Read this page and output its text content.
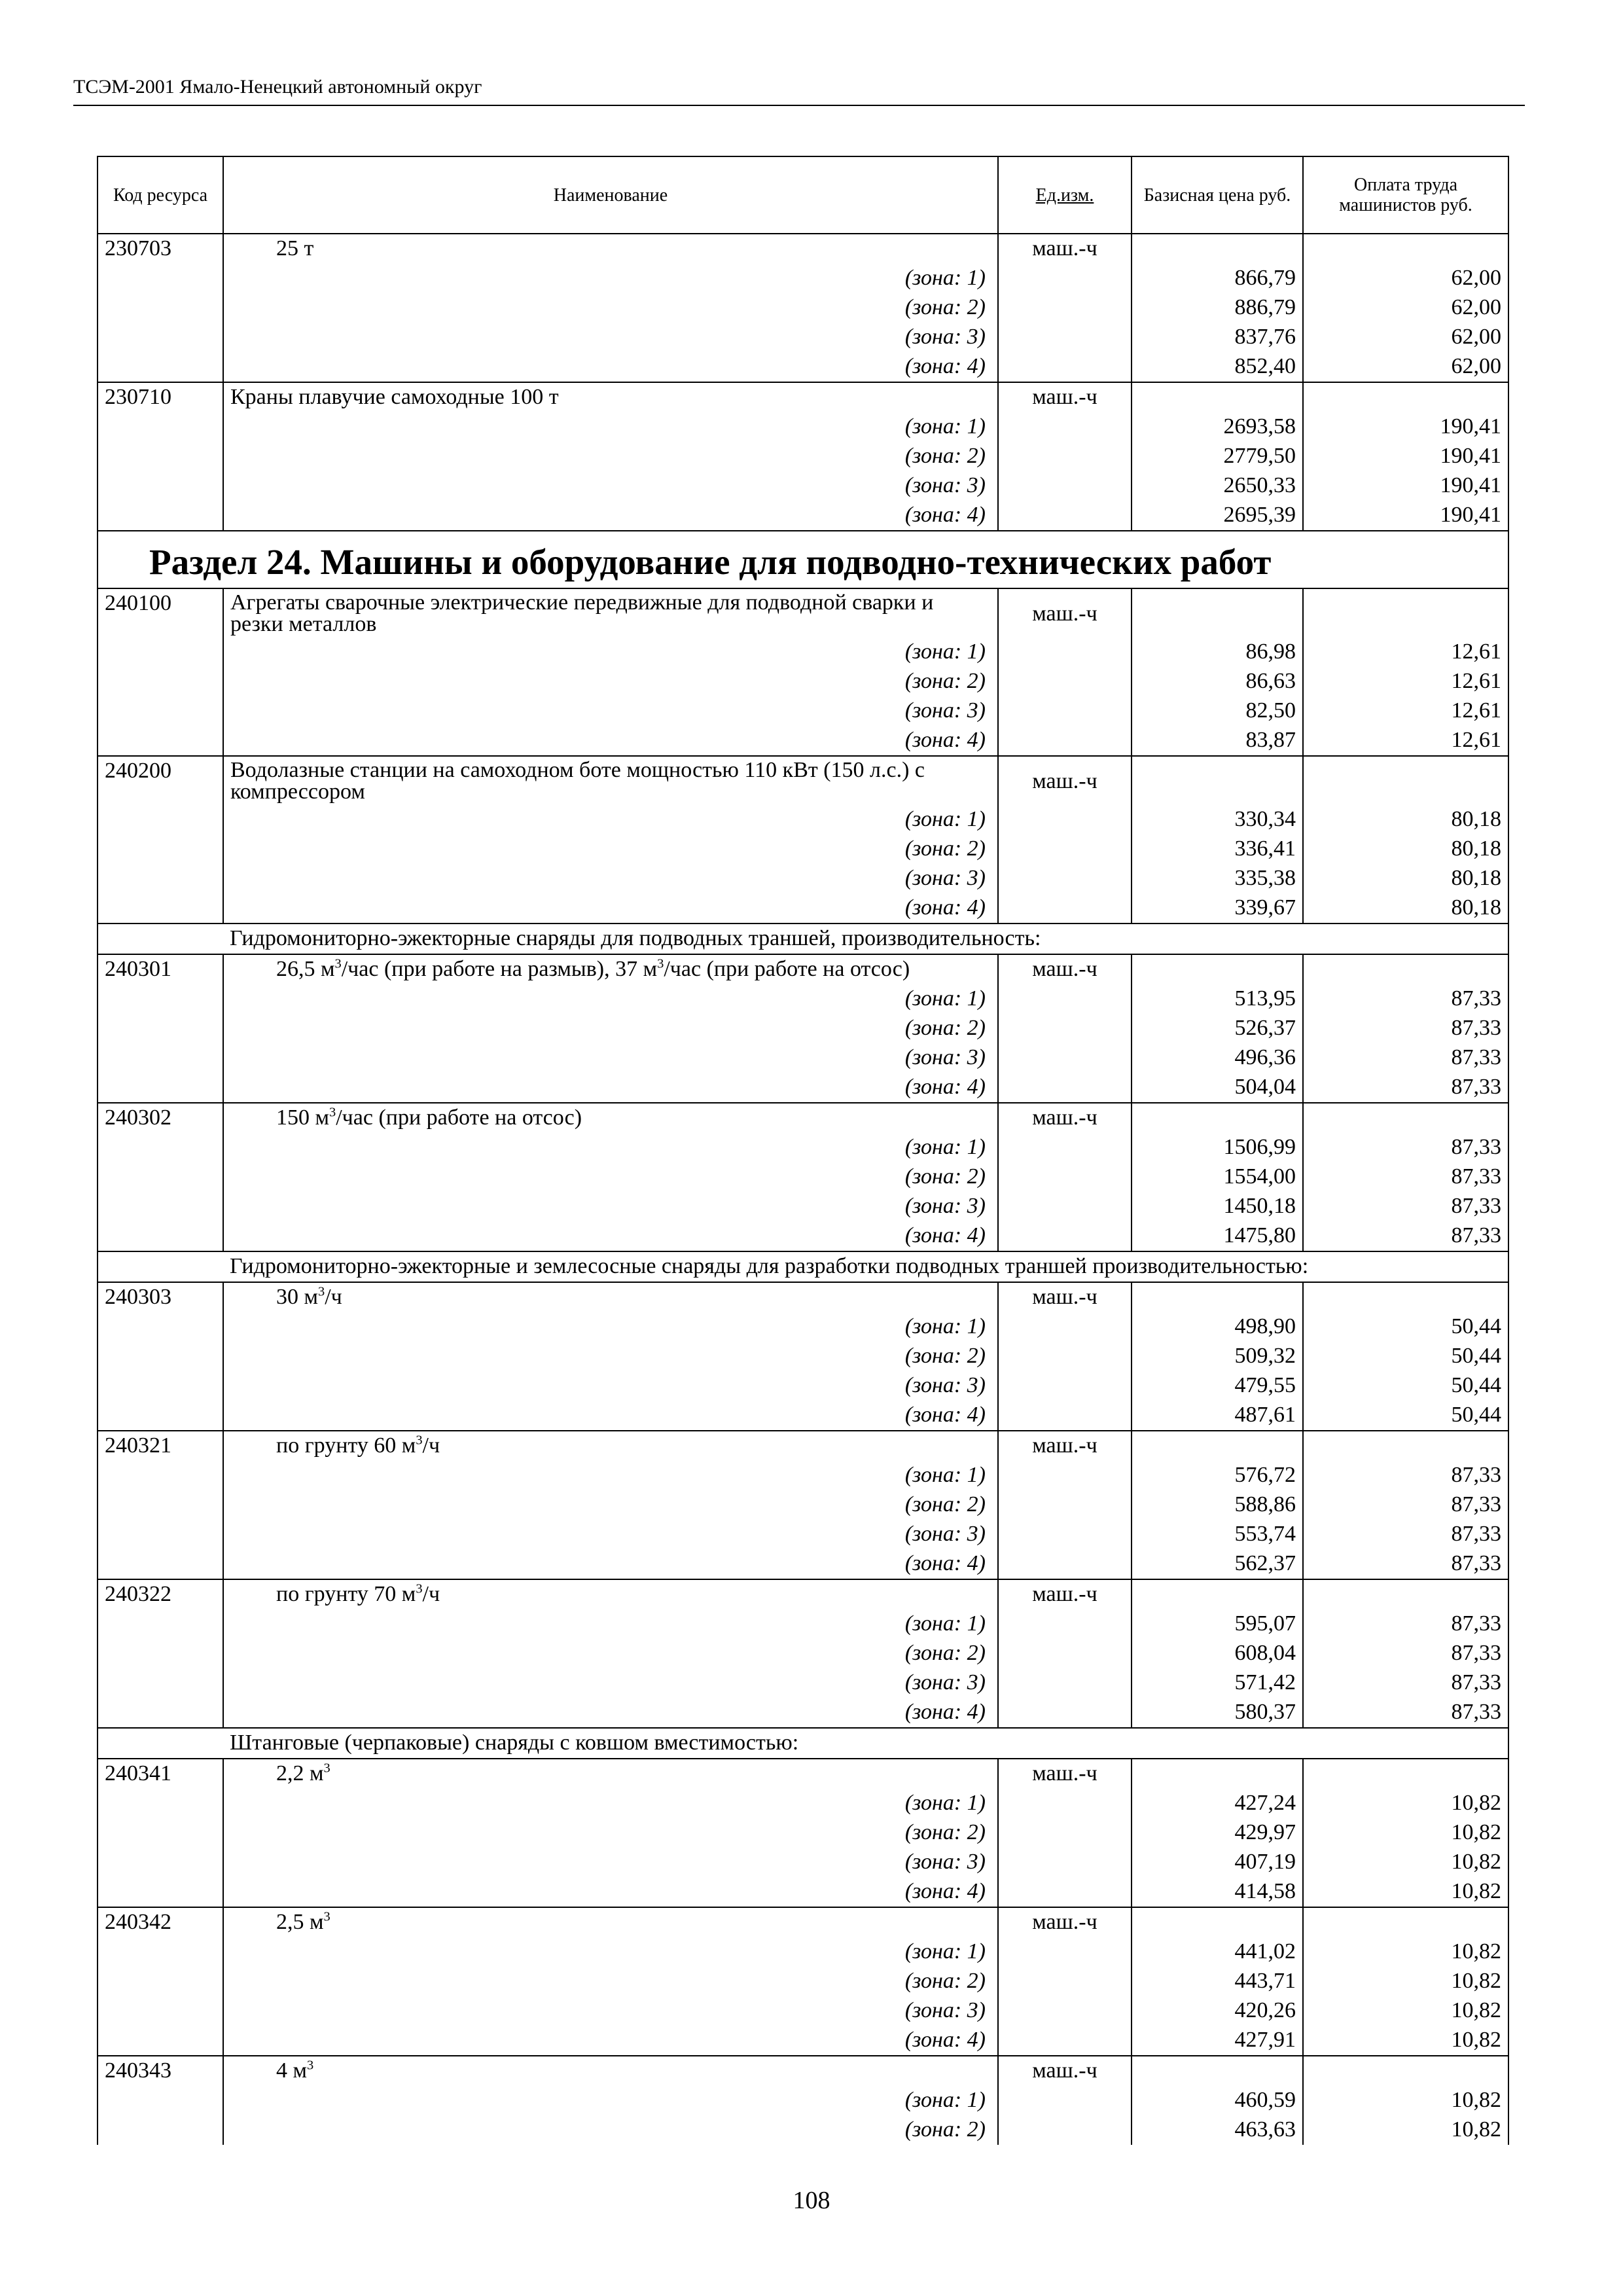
ТСЭМ-2001 Ямало-Ненецкий автономный округ
Код ресурса	Наименование	Ед.изм.	Базисная цена руб.	Оплата труда машинистов руб.
230703	25 т	маш.-ч		
	(зона: 1)		866,79	62,00
	(зона: 2)		886,79	62,00
	(зона: 3)		837,76	62,00
	(зона: 4)		852,40	62,00
230710	Краны плавучие самоходные 100 т	маш.-ч		
	(зона: 1)		2693,58	190,41
	(зона: 2)		2779,50	190,41
	(зона: 3)		2650,33	190,41
	(зона: 4)		2695,39	190,41
Раздел 24. Машины и оборудование для подводно-технических работ				
240100	Агрегаты сварочные электрические передвижные для подводной сварки и резки металлов	маш.-ч		
	(зона: 1)		86,98	12,61
	(зона: 2)		86,63	12,61
	(зона: 3)		82,50	12,61
	(зона: 4)		83,87	12,61
240200	Водолазные станции на самоходном боте мощностью 110 кВт (150 л.с.) с компрессором	маш.-ч		
	(зона: 1)		330,34	80,18
	(зона: 2)		336,41	80,18
	(зона: 3)		335,38	80,18
	(зона: 4)		339,67	80,18
	Гидромониторно-эжекторные снаряды для подводных траншей, производительность:			
240301	26,5 $м^3$/час (при работе на размыв), 37 $м^3$/час (при работе на отсос)	маш.-ч		
	(зона: 1)		513,95	87,33
	(зона: 2)		526,37	87,33
	(зона: 3)		496,36	87,33
	(зона: 4)		504,04	87,33
240302	150 $м^3$/час (при работе на отсос)	маш.-ч		
	(зона: 1)		1506,99	87,33
	(зона: 2)		1554,00	87,33
	(зона: 3)		1450,18	87,33
	(зона: 4)		1475,80	87,33
	Гидромониторно-эжекторные и землесосные снаряды для разработки подводных траншей производительностью:			
240303	30 $м^3/ч$	маш.-ч		
	(зона: 1)		498,90	50,44
	(зона: 2)		509,32	50,44
	(зона: 3)		479,55	50,44
	(зона: 4)		487,61	50,44
240321	по грунту 60 $м^3/ч$	маш.-ч		
	(зона: 1)		576,72	87,33
	(зона: 2)		588,86	87,33
	(зона: 3)		553,74	87,33
	(зона: 4)		562,37	87,33
240322	по грунту 70 $м^3/ч$	маш.-ч		
	(зона: 1)		595,07	87,33
	(зона: 2)		608,04	87,33
	(зона: 3)		571,42	87,33
	(зона: 4)		580,37	87,33
	Штанговые (черпаковые) снаряды с ковшом вместимостью:			
240341	2,2 $м^3$	маш.-ч		
	(зона: 1)		427,24	10,82
	(зона: 2)		429,97	10,82
	(зона: 3)		407,19	10,82
	(зона: 4)		414,58	10,82
240342	2,5 $м^3$	маш.-ч		
	(зона: 1)		441,02	10,82
	(зона: 2)		443,71	10,82
	(зона: 3)		420,26	10,82
	(зона: 4)		427,91	10,82
240343	4 $м^3$	маш.-ч		
	(зона: 1)		460,59	10,82
	(зона: 2)		463,63	10,82
108
